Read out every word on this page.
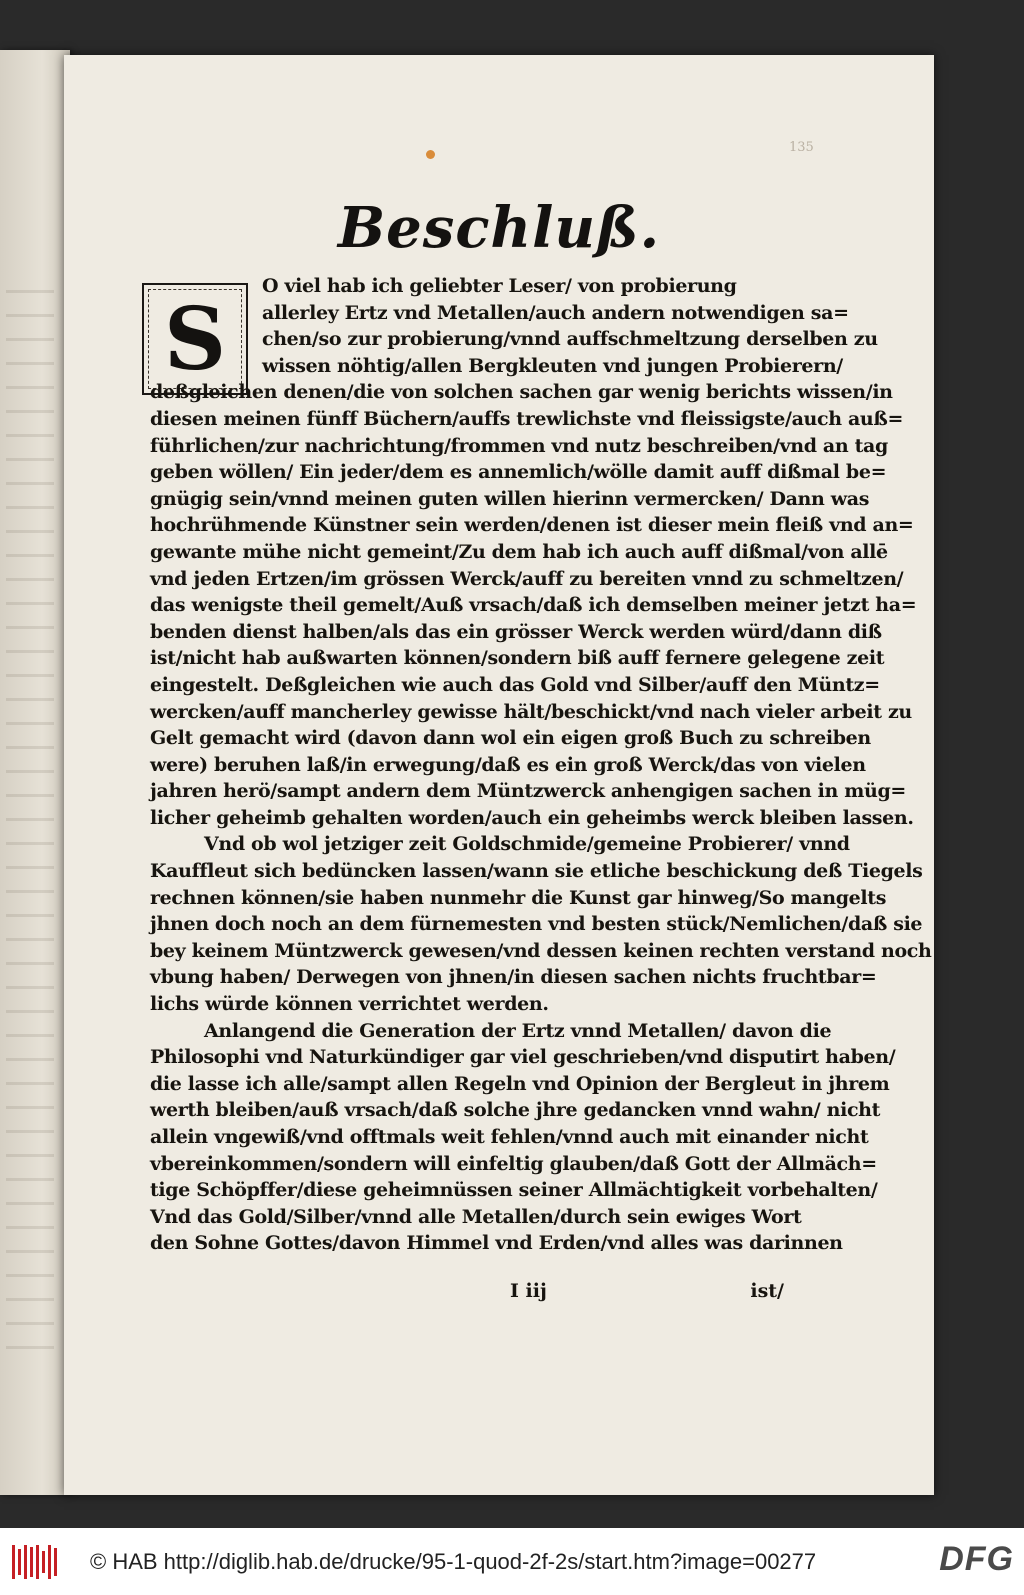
135
Beschluß.
S
O viel hab ich geliebter Leser/ von probierung
allerley Ertz vnd Metallen/auch andern notwendigen sa=
chen/so zur probierung/vnnd auffschmeltzung derselben zu
wissen nöhtig/allen Bergkleuten vnd jungen Probierern/
deßgleichen denen/die von solchen sachen gar wenig berichts wissen/in
diesen meinen fünff Büchern/auffs trewlichste vnd fleissigste/auch auß=
führlichen/zur nachrichtung/frommen vnd nutz beschreiben/vnd an tag
geben wöllen/ Ein jeder/dem es annemlich/wölle damit auff dißmal be=
gnügig sein/vnnd meinen guten willen hierinn vermercken/ Dann was
hochrühmende Künstner sein werden/denen ist dieser mein fleiß vnd an=
gewante mühe nicht gemeint/Zu dem hab ich auch auff dißmal/von allē
vnd jeden Ertzen/im grössen Werck/auff zu bereiten vnnd zu schmeltzen/
das wenigste theil gemelt/Auß vrsach/daß ich demselben meiner jetzt ha=
benden dienst halben/als das ein grösser Werck werden würd/dann diß
ist/nicht hab außwarten können/sondern biß auff fernere gelegene zeit
eingestelt. Deßgleichen wie auch das Gold vnd Silber/auff den Müntz=
wercken/auff mancherley gewisse hält/beschickt/vnd nach vieler arbeit zu
Gelt gemacht wird (davon dann wol ein eigen groß Buch zu schreiben
were) beruhen laß/in erwegung/daß es ein groß Werck/das von vielen
jahren herö/sampt andern dem Müntzwerck anhengigen sachen in müg=
licher geheimb gehalten worden/auch ein geheimbs werck bleiben lassen.
Vnd ob wol jetziger zeit Goldschmide/gemeine Probierer/ vnnd
Kauffleut sich bedüncken lassen/wann sie etliche beschickung deß Tiegels
rechnen können/sie haben nunmehr die Kunst gar hinweg/So mangelts
jhnen doch noch an dem fürnemesten vnd besten stück/Nemlichen/daß sie
bey keinem Müntzwerck gewesen/vnd dessen keinen rechten verstand noch
vbung haben/ Derwegen von jhnen/in diesen sachen nichts fruchtbar=
lichs würde können verrichtet werden.
Anlangend die Generation der Ertz vnnd Metallen/ davon die
Philosophi vnd Naturkündiger gar viel geschrieben/vnd disputirt haben/
die lasse ich alle/sampt allen Regeln vnd Opinion der Bergleut in jhrem
werth bleiben/auß vrsach/daß solche jhre gedancken vnnd wahn/ nicht
allein vngewiß/vnd offtmals weit fehlen/vnnd auch mit einander nicht
vbereinkommen/sondern will einfeltig glauben/daß Gott der Allmäch=
tige Schöpffer/diese geheimnüssen seiner Allmächtigkeit vorbehalten/
Vnd das Gold/Silber/vnnd alle Metallen/durch sein ewiges Wort
den Sohne Gottes/davon Himmel vnd Erden/vnd alles was darinnen
I iij	ist/
© HAB http://diglib.hab.de/drucke/95-1-quod-2f-2s/start.htm?image=00277	DFG
